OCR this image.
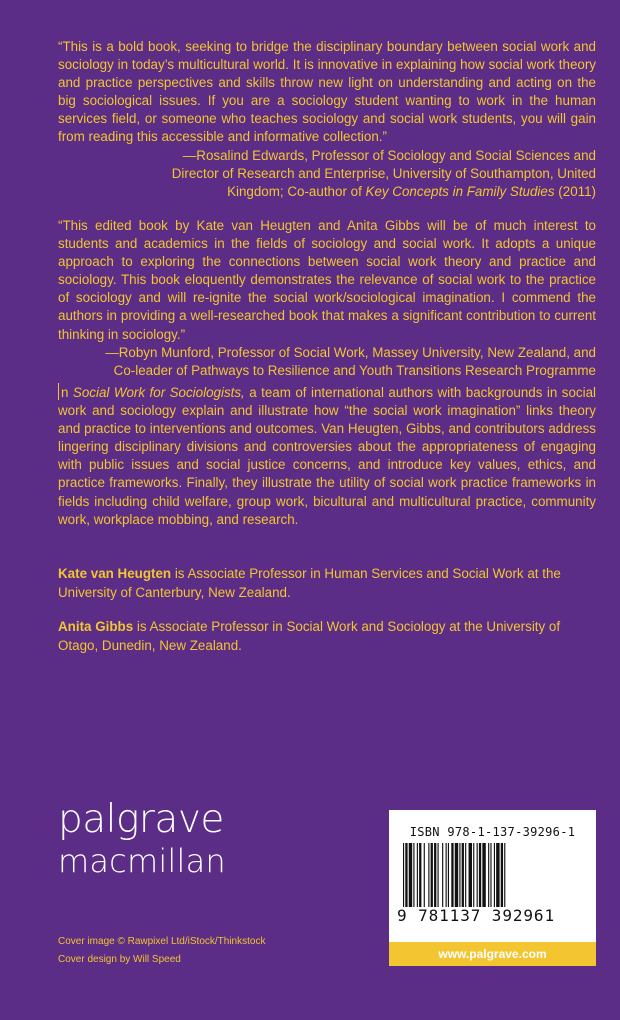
“This is a bold book, seeking to bridge the disciplinary boundary between social work and sociology in today’s multicultural world. It is innovative in explaining how social work theory and practice perspectives and skills throw new light on understanding and acting on the big sociological issues. If you are a sociology student wanting to work in the human services field, or someone who teaches sociology and social work students, you will gain from reading this accessible and informative collection.”
—Rosalind Edwards, Professor of Sociology and Social Sciences and
Director of Research and Enterprise, University of Southampton, United
Kingdom; Co-author of Key Concepts in Family Studies (2011)
“This edited book by Kate van Heugten and Anita Gibbs will be of much interest to students and academics in the fields of sociology and social work. It adopts a unique approach to exploring the connections between social work theory and practice and sociology. This book eloquently demonstrates the relevance of social work to the practice of sociology and will re-ignite the social work/sociological imagination. I commend the authors in providing a well-researched book that makes a significant contribution to current thinking in sociology.”
—Robyn Munford, Professor of Social Work, Massey University, New Zealand, and
Co-leader of Pathways to Resilience and Youth Transitions Research Programme
n Social Work for Sociologists, a team of international authors with backgrounds in social work and sociology explain and illustrate how “the social work imagination” links theory and practice to interventions and outcomes. Van Heugten, Gibbs, and contributors address lingering disciplinary divisions and controversies about the appropriateness of engaging with public issues and social justice concerns, and introduce key values, ethics, and practice frameworks. Finally, they illustrate the utility of social work practice frameworks in fields including child welfare, group work, bicultural and multicultural practice, community work, workplace mobbing, and research.
Kate van Heugten is Associate Professor in Human Services and Social Work at the University of Canterbury, New Zealand.
Anita Gibbs is Associate Professor in Social Work and Sociology at the University of Otago, Dunedin, New Zealand.
palgrave
macmillan
Cover image © Rawpixel Ltd/iStock/Thinkstock
Cover design by Will Speed
ISBN 978-1-137-39296-1
9 781137 392961
www.palgrave.com
